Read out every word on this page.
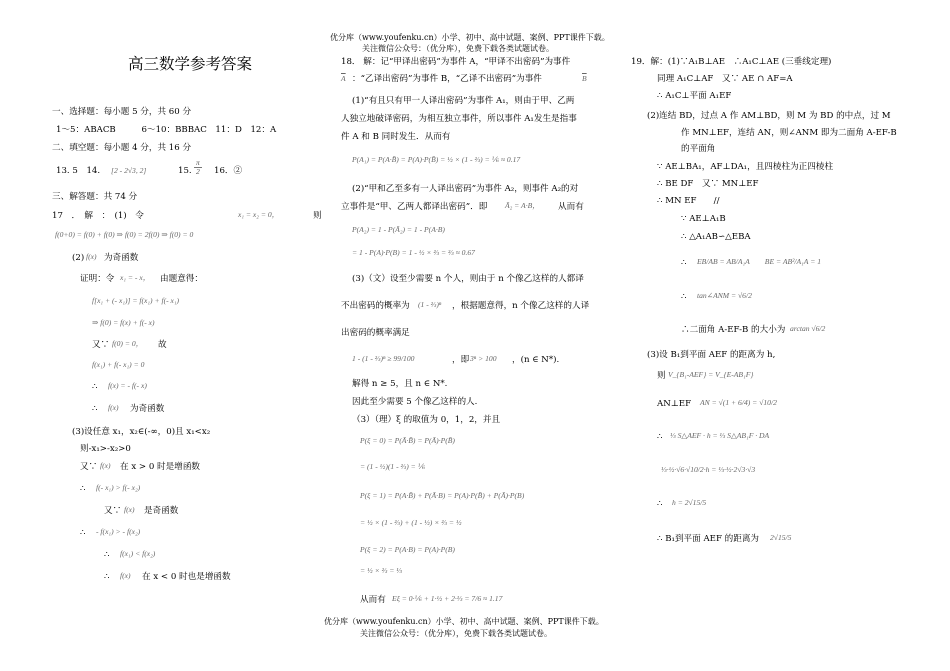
优分库（www.youfenku.cn）小学、初中、高中试题、案例、PPT课件下载。
关注微信公众号：（优分库），免费下载各类试题试卷。
高三数学参考答案
一、选择题：每小题 5 分，共 60 分
1～5：ABACB　　　6～10：BBBAC　11：D　12：A
二、填空题：每小题 4 分，共 16 分
13. 5　14. [2 - 2√3, 2]	15. $\frac{\pi}{2} 16$．②
三、解答题：共 74 分
17　．　解　：　(1)　令	x₁ = x₂ = 0，	则
f(0+0) = f(0) + f(0) ⇒ f(0) = 2f(0) ⇒ f(0) = 0
(2) f(x) 为奇函数
证明：令 x₁ = - x， 由题意得：
f[x₁ + (- x₁)] = f(x₁) + f(- x₁)
⇒ f(0) = f(x) + f(- x)
又∵ f(0) = 0， 故
f(x₁) + f(- x₁) = 0
∴ f(x) = - f(- x)
∴ f(x) 为奇函数
(3)设任意 x₁，x₂∈(-∞，0)且 x₁<x₂
则-x₁>-x₂>0
又∵ f(x) 在 x > 0 时是增函数
∴ f(- x₁) > f(- x₂)
又∵ f(x) 是奇函数
∴ - f(x₁) > - f(x₂)
∴ f(x₁) < f(x₂)
∴ f(x) 在 x < 0 时也是增函数
18． 解：记“甲译出密码”为事件 A，“甲译不出密码”为事件
$\overline{A}$ ：“乙译出密码”为事件 B，“乙译不出密码”为事件	$\overline{B}$
(1)“有且只有甲一人译出密码”为事件 A₁，则由于甲、乙两
人独立地破译密码，为相互独立事件，所以事件 A₁发生是指事
件 A 和 B 同时发生．从而有
P(A₁) = P(A·B̄) = P(A)·P(B̄) = ½ × (1 - ⅔) = ⅙ ≈ 0.17
(2)“甲和乙至多有一人译出密码”为事件 A₂，则事件 A₂的对
立事件是“甲、乙两人都译出密码”．即 Ā₂ = A·B， 从而有
P(A₂) = 1 - P(Ā₂) = 1 - P(A·B)
= 1 - P(A)·P(B) = 1 - ½ × ⅔ = ⅔ ≈ 0.67
(3)（文）设至少需要 n 个人，则由于 n 个像乙这样的人都译
不出密码的概率为 (1 - ⅔)ⁿ ，根据题意得，n 个像乙这样的人译
出密码的概率满足
1 - (1 - ⅔)ⁿ ≥ 99/100	，即 3ⁿ > 100 ，(n ∈ N*).
解得 n ≥ 5，且 n ∈ N*.
因此至少需要 5 个像乙这样的人.
（3）（理）ξ 的取值为 0，1，2，并且
P(ξ = 0) = P(Ā·B̄) = P(Ā)·P(B̄)
= (1 - ½)(1 - ⅔) = ⅙
P(ξ = 1) = P(A·B̄) + P(Ā·B) = P(A)·P(B̄) + P(Ā)·P(B)
= ½ × (1 - ⅔) + (1 - ½) × ⅔ = ½
P(ξ = 2) = P(A·B) = P(A)·P(B)
= ½ × ⅔ = ⅓
从而有 Eξ = 0·⅙ + 1·½ + 2·⅓ = 7/6 ≈ 1.17
19．解：(1)∵A₁B⊥AE　∴A₁C⊥AE (三垂线定理)
同理 A₁C⊥AF　又∵ AE ∩ AF=A
∴ A₁C⊥平面 A₁EF
(2)连结 BD，过点 A 作 AM⊥BD，则 M 为 BD 的中点，过 M
作 MN⊥EF，连结 AN，则∠ANM 即为二面角 A-EF-B
的平面角
∵ AE⊥BA₁，AF⊥DA₁，且四棱柱为正四棱柱
∴ BE DF　又∵ MN⊥EF
∴ MN EF　　//
∵ AE⊥A₁B
∴ △A₁AB∽△EBA
∴ EB/AB = AB/A₁A　　BE = AB²/A₁A = 1
∴ tan∠ANM = √6/2
∴二面角 A-EF-B 的大小为 arctan √6/2
(3)设 B₁到平面 AEF 的距离为 h,
则 V_{B₁-AEF} = V_{E-AB₁F}
AN⊥EF AN = √(1 + 6/4) = √10/2
∴ ⅓ S△AEF · h = ⅓ S△AB₁F · DA
⅓·½·√6·√10/2·h = ⅓·½·2√3·√3
∴ h = 2√15/5
∴ B₁到平面 AEF 的距离为 2√15/5
优分库（www.youfenku.cn）小学、初中、高中试题、案例、PPT课件下载。
关注微信公众号：（优分库），免费下载各类试题试卷。
